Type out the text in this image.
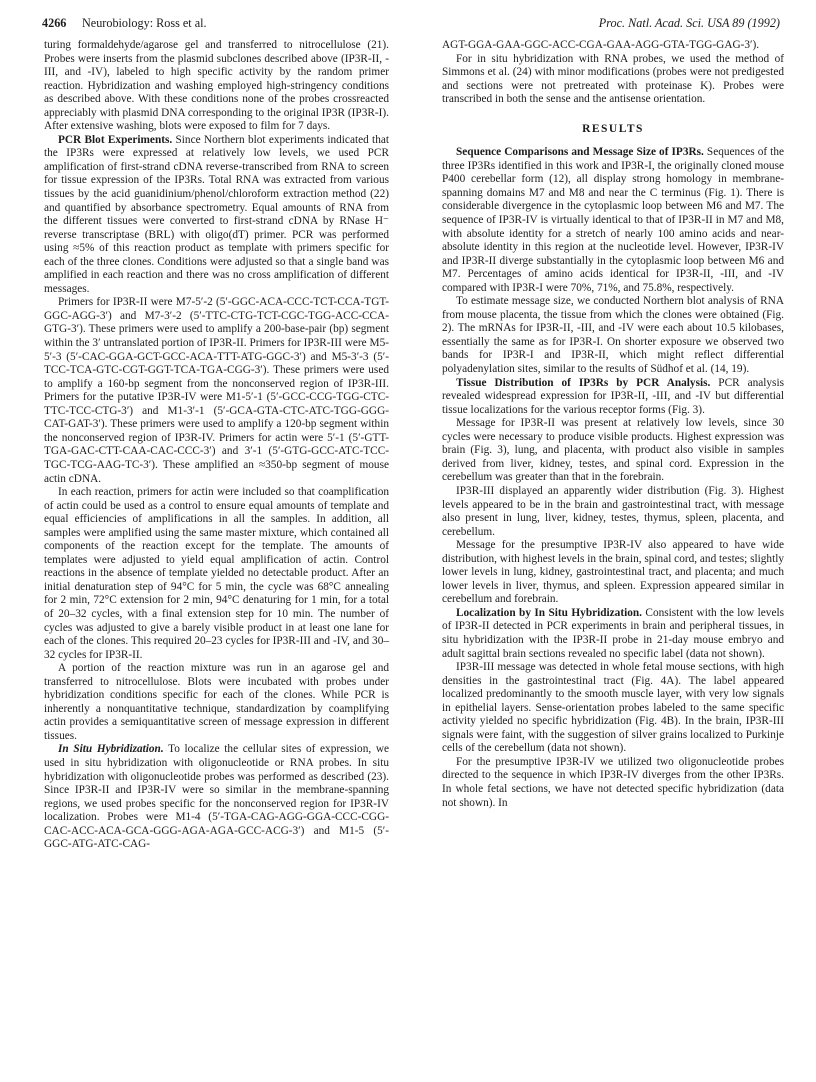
4266 Neurobiology: Ross et al.	Proc. Natl. Acad. Sci. USA 89 (1992)

turing formaldehyde/agarose gel and transferred to nitrocellulose (21). Probes were inserts from the plasmid subclones described above (IP3R-II, -III, and -IV), labeled to high specific activity by the random primer reaction. Hybridization and washing employed high-stringency conditions as described above. With these conditions none of the probes crossreacted appreciably with plasmid DNA corresponding to the original IP3R (IP3R-I). After extensive washing, blots were exposed to film for 7 days.

PCR Blot Experiments. Since Northern blot experiments indicated that the IP3Rs were expressed at relatively low levels, we used PCR amplification of first-strand cDNA reverse-transcribed from RNA to screen for tissue expression of the IP3Rs. Total RNA was extracted from various tissues by the acid guanidinium/phenol/chloroform extraction method (22) and quantified by absorbance spectrometry. Equal amounts of RNA from the different tissues were converted to first-strand cDNA by RNase H⁻ reverse transcriptase (BRL) with oligo(dT) primer. PCR was performed using ≈5% of this reaction product as template with primers specific for each of the three clones. Conditions were adjusted so that a single band was amplified in each reaction and there was no cross amplification of different messages.

Primers for IP3R-II were M7-5′-2 (5′-GGC-ACA-CCC-TCT-CCA-TGT-GGC-AGG-3′) and M7-3′-2 (5′-TTC-CTG-TCT-CGC-TGG-ACC-CCA-GTG-3′). These primers were used to amplify a 200-base-pair (bp) segment within the 3′ untranslated portion of IP3R-II. Primers for IP3R-III were M5-5′-3 (5′-CAC-GGA-GCT-GCC-ACA-TTT-ATG-GGC-3′) and M5-3′-3 (5′-TCC-TCA-GTC-CGT-GGT-TCA-TGA-CGG-3′). These primers were used to amplify a 160-bp segment from the nonconserved region of IP3R-III. Primers for the putative IP3R-IV were M1-5′-1 (5′-GCC-CCG-TGG-CTC-TTC-TCC-CTG-3′) and M1-3′-1 (5′-GCA-GTA-CTC-ATC-TGG-GGG-CAT-GAT-3′). These primers were used to amplify a 120-bp segment within the nonconserved region of IP3R-IV. Primers for actin were 5′-1 (5′-GTT-TGA-GAC-CTT-CAA-CAC-CCC-3′) and 3′-1 (5′-GTG-GCC-ATC-TCC-TGC-TCG-AAG-TC-3′). These amplified an ≈350-bp segment of mouse actin cDNA.

In each reaction, primers for actin were included so that coamplification of actin could be used as a control to ensure equal amounts of template and equal efficiencies of amplifications in all the samples. In addition, all samples were amplified using the same master mixture, which contained all components of the reaction except for the template. The amounts of templates were adjusted to yield equal amplification of actin. Control reactions in the absence of template yielded no detectable product. After an initial denaturation step of 94°C for 5 min, the cycle was 68°C annealing for 2 min, 72°C extension for 2 min, 94°C denaturing for 1 min, for a total of 20–32 cycles, with a final extension step for 10 min. The number of cycles was adjusted to give a barely visible product in at least one lane for each of the clones. This required 20–23 cycles for IP3R-III and -IV, and 30–32 cycles for IP3R-II.

A portion of the reaction mixture was run in an agarose gel and transferred to nitrocellulose. Blots were incubated with probes under hybridization conditions specific for each of the clones. While PCR is inherently a nonquantitative technique, standardization by coamplifying actin provides a semiquantitative screen of message expression in different tissues.

In Situ Hybridization. To localize the cellular sites of expression, we used in situ hybridization with oligonucleotide or RNA probes. In situ hybridization with oligonucleotide probes was performed as described (23). Since IP3R-II and IP3R-IV were so similar in the membrane-spanning regions, we used probes specific for the nonconserved region for IP3R-IV localization. Probes were M1-4 (5′-TGA-CAG-AGG-GGA-CCC-CGG-CAC-ACC-ACA-GCA-GGG-AGA-AGA-GCC-ACG-3′) and M1-5 (5′-GGC-ATG-ATC-CAG-

AGT-GGA-GAA-GGC-ACC-CGA-GAA-AGG-GTA-TGG-GAG-3′).

For in situ hybridization with RNA probes, we used the method of Simmons et al. (24) with minor modifications (probes were not predigested and sections were not pretreated with proteinase K). Probes were transcribed in both the sense and the antisense orientation.

RESULTS

Sequence Comparisons and Message Size of IP3Rs. Sequences of the three IP3Rs identified in this work and IP3R-I, the originally cloned mouse P400 cerebellar form (12), all display strong homology in membrane-spanning domains M7 and M8 and near the C terminus (Fig. 1). There is considerable divergence in the cytoplasmic loop between M6 and M7. The sequence of IP3R-IV is virtually identical to that of IP3R-II in M7 and M8, with absolute identity for a stretch of nearly 100 amino acids and near-absolute identity in this region at the nucleotide level. However, IP3R-IV and IP3R-II diverge substantially in the cytoplasmic loop between M6 and M7. Percentages of amino acids identical for IP3R-II, -III, and -IV compared with IP3R-I were 70%, 71%, and 75.8%, respectively.

To estimate message size, we conducted Northern blot analysis of RNA from mouse placenta, the tissue from which the clones were obtained (Fig. 2). The mRNAs for IP3R-II, -III, and -IV were each about 10.5 kilobases, essentially the same as for IP3R-I. On shorter exposure we observed two bands for IP3R-I and IP3R-II, which might reflect differential polyadenylation sites, similar to the results of Südhof et al. (14, 19).

Tissue Distribution of IP3Rs by PCR Analysis. PCR analysis revealed widespread expression for IP3R-II, -III, and -IV but differential tissue localizations for the various receptor forms (Fig. 3).

Message for IP3R-II was present at relatively low levels, since 30 cycles were necessary to produce visible products. Highest expression was brain (Fig. 3), lung, and placenta, with product also visible in samples derived from liver, kidney, testes, and spinal cord. Expression in the cerebellum was greater than that in the forebrain.

IP3R-III displayed an apparently wider distribution (Fig. 3). Highest levels appeared to be in the brain and gastrointestinal tract, with message also present in lung, liver, kidney, testes, thymus, spleen, placenta, and cerebellum.

Message for the presumptive IP3R-IV also appeared to have wide distribution, with highest levels in the brain, spinal cord, and testes; slightly lower levels in lung, kidney, gastrointestinal tract, and placenta; and much lower levels in liver, thymus, and spleen. Expression appeared similar in cerebellum and forebrain.

Localization by In Situ Hybridization. Consistent with the low levels of IP3R-II detected in PCR experiments in brain and peripheral tissues, in situ hybridization with the IP3R-II probe in 21-day mouse embryo and adult sagittal brain sections revealed no specific label (data not shown).

IP3R-III message was detected in whole fetal mouse sections, with high densities in the gastrointestinal tract (Fig. 4A). The label appeared localized predominantly to the smooth muscle layer, with very low signals in epithelial layers. Sense-orientation probes labeled to the same specific activity yielded no specific hybridization (Fig. 4B). In the brain, IP3R-III signals were faint, with the suggestion of silver grains localized to Purkinje cells of the cerebellum (data not shown).

For the presumptive IP3R-IV we utilized two oligonucleotide probes directed to the sequence in which IP3R-IV diverges from the other IP3Rs. In whole fetal sections, we have not detected specific hybridization (data not shown). In
